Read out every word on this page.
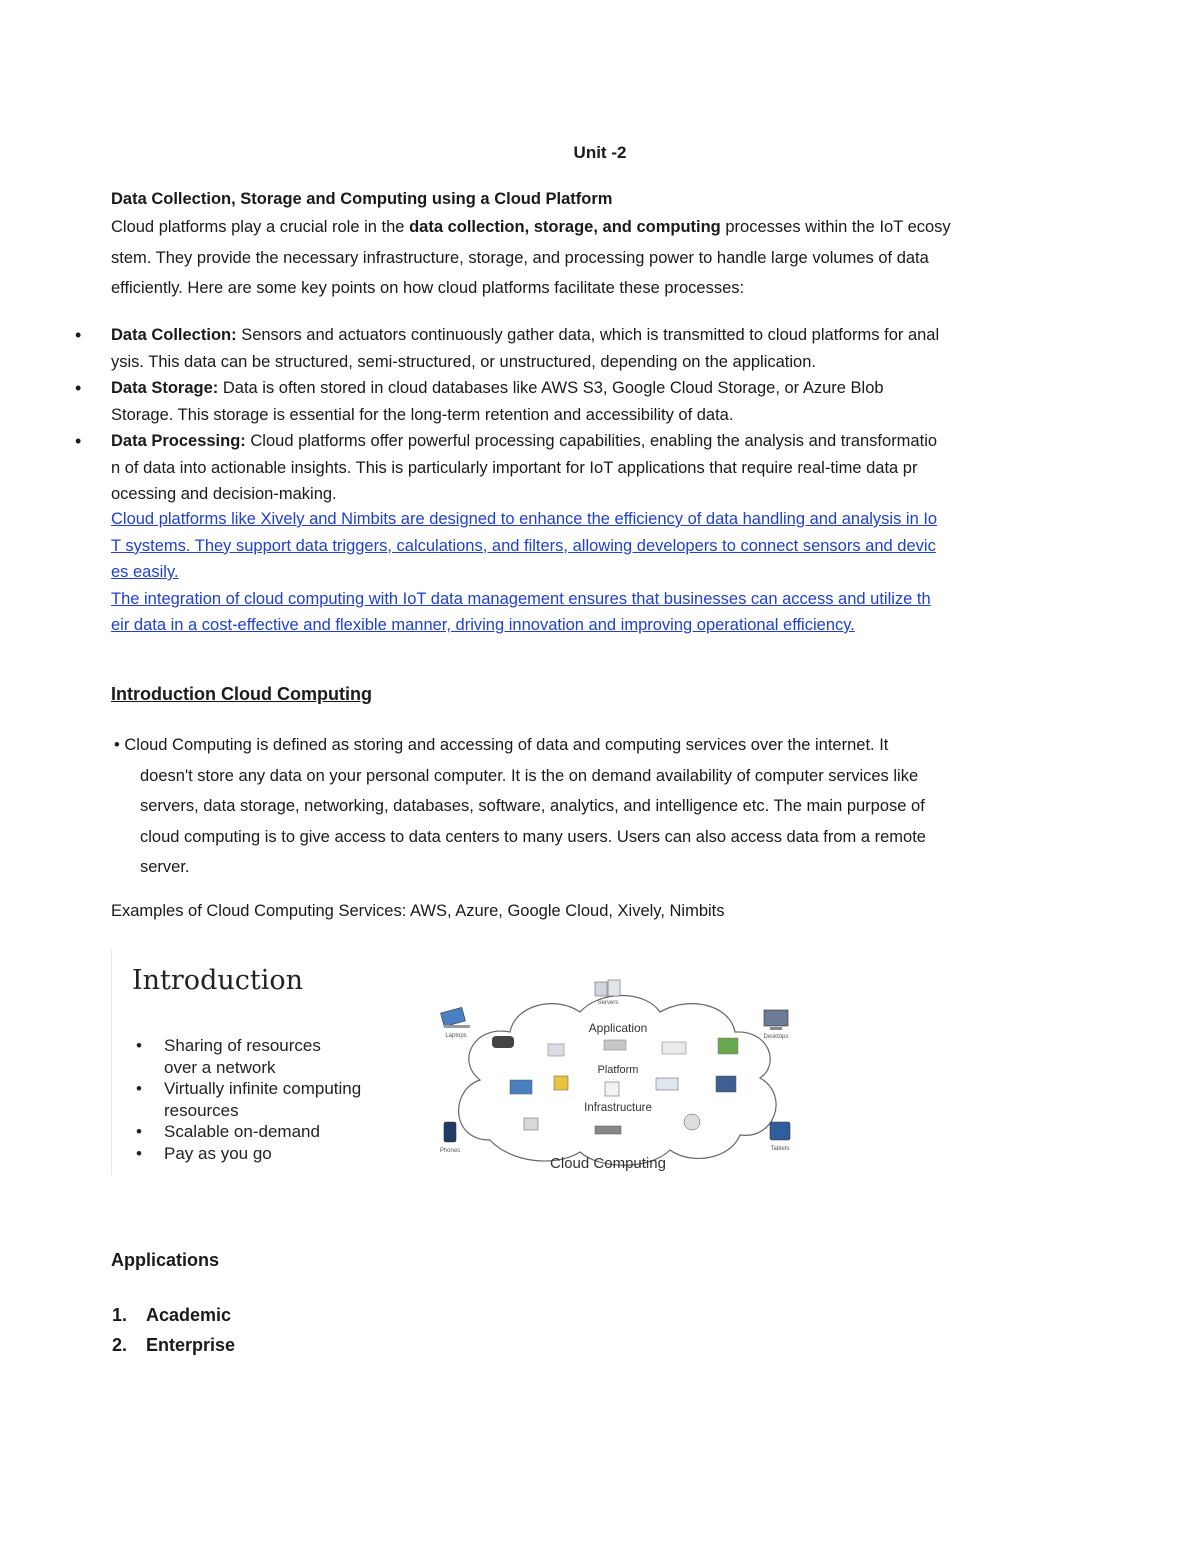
Unit -2
Data Collection, Storage and Computing using a Cloud Platform
Cloud platforms play a crucial role in the data collection, storage, and computing processes within the IoT ecosy
stem. They provide the necessary infrastructure, storage, and processing power to handle large volumes of data
efficiently. Here are some key points on how cloud platforms facilitate these processes:
• Data Collection: Sensors and actuators continuously gather data, which is transmitted to cloud platforms for anal
ysis. This data can be structured, semi-structured, or unstructured, depending on the application.
• Data Storage: Data is often stored in cloud databases like AWS S3, Google Cloud Storage, or Azure Blob
Storage. This storage is essential for the long-term retention and accessibility of data.
• Data Processing: Cloud platforms offer powerful processing capabilities, enabling the analysis and transformatio
n of data into actionable insights. This is particularly important for IoT applications that require real-time data pr
ocessing and decision-making.
Cloud platforms like Xively and Nimbits are designed to enhance the efficiency of data handling and analysis in Io
T systems. They support data triggers, calculations, and filters, allowing developers to connect sensors and devic
es easily.
The integration of cloud computing with IoT data management ensures that businesses can access and utilize th
eir data in a cost-effective and flexible manner, driving innovation and improving operational efficiency.
Introduction Cloud Computing
• Cloud Computing is defined as storing and accessing of data and computing services over the internet. It
doesn't store any data on your personal computer. It is the on demand availability of computer services like
servers, data storage, networking, databases, software, analytics, and intelligence etc. The main purpose of
cloud computing is to give access to data centers to many users. Users can also access data from a remote
server.
Examples of Cloud Computing Services: AWS, Azure, Google Cloud, Xively, Nimbits
Introduction
• Sharing of resources
over a network
• Virtually infinite computing
resources
• Scalable on-demand
• Pay as you go
Application
Platform
Infrastructure
Servers
Laptops	Desktops
Phones	Tablets
Cloud Computing
Applications
1. Academic
2. Enterprise
